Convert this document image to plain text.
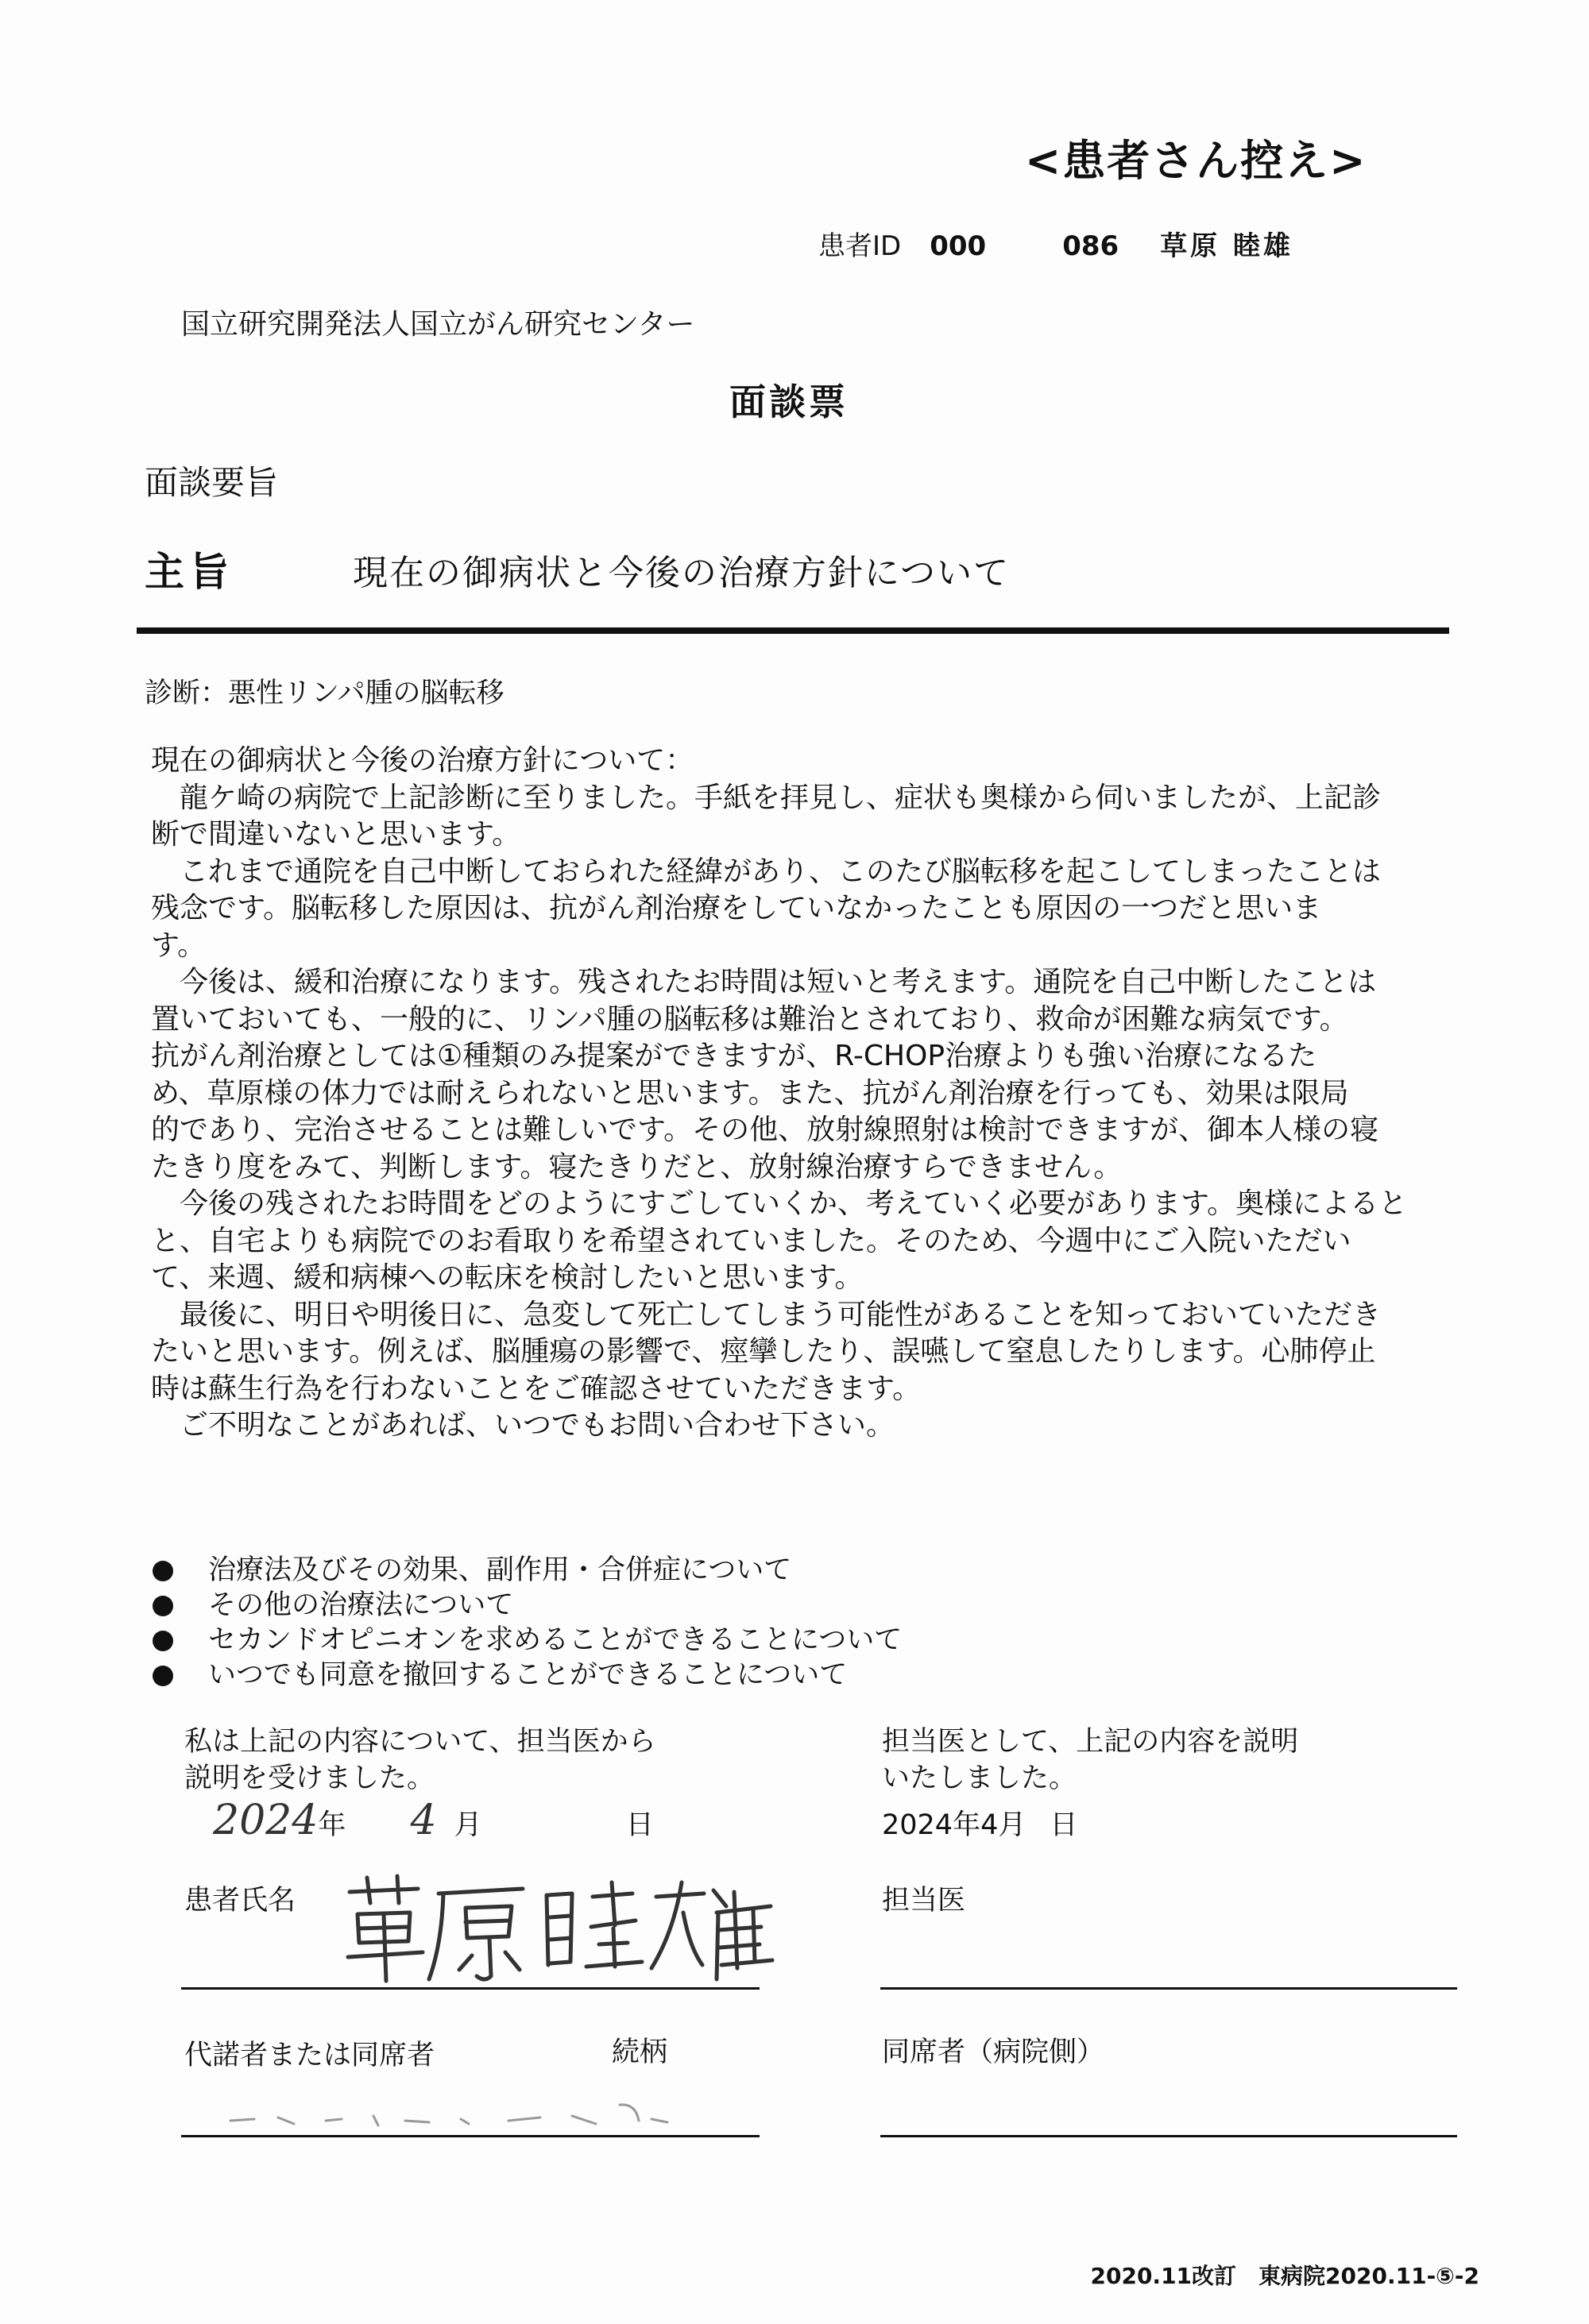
<患者さん控え>
患者ID 000	086 草原 睦雄
国立研究開発法人国立がん研究センター
面談票
面談要旨
主旨	現在の御病状と今後の治療方針について
診断：悪性リンパ腫の脳転移

現在の御病状と今後の治療方針について：

　龍ケ崎の病院で上記診断に至りました。手紙を拝見し、症状も奥様から伺いましたが、上記診

断で間違いないと思います。

　これまで通院を自己中断しておられた経緯があり、このたび脳転移を起こしてしまったことは

残念です。脳転移した原因は、抗がん剤治療をしていなかったことも原因の一つだと思いま

す。

　今後は、緩和治療になります。残されたお時間は短いと考えます。通院を自己中断したことは

置いておいても、一般的に、リンパ腫の脳転移は難治とされており、救命が困難な病気です。

抗がん剤治療としては①種類のみ提案ができますが、R-CHOP治療よりも強い治療になるた

め、草原様の体力では耐えられないと思います。また、抗がん剤治療を行っても、効果は限局

的であり、完治させることは難しいです。その他、放射線照射は検討できますが、御本人様の寝

たきり度をみて、判断します。寝たきりだと、放射線治療すらできません。

　今後の残されたお時間をどのようにすごしていくか、考えていく必要があります。奥様によると

と、自宅よりも病院でのお看取りを希望されていました。そのため、今週中にご入院いただい

て、来週、緩和病棟への転床を検討したいと思います。

　最後に、明日や明後日に、急変して死亡してしまう可能性があることを知っておいていただき

たいと思います。例えば、脳腫瘍の影響で、痙攣したり、誤嚥して窒息したりします。心肺停止

時は蘇生行為を行わないことをご確認させていただきます。

　ご不明なことがあれば、いつでもお問い合わせ下さい。

治療法及びその効果、副作用・合併症について
その他の治療法について
セカンドオピニオンを求めることができることについて
いつでも同意を撤回することができることについて
私は上記の内容について、担当医から
説明を受けました。
担当医として、上記の内容を説明
いたしました。
2024年 4 月	日	2024年4月 日
患者氏名	担当医
代諾者または同席者	続柄	同席者（病院側）
2020.11改訂　東病院2020.11-⑤-2
